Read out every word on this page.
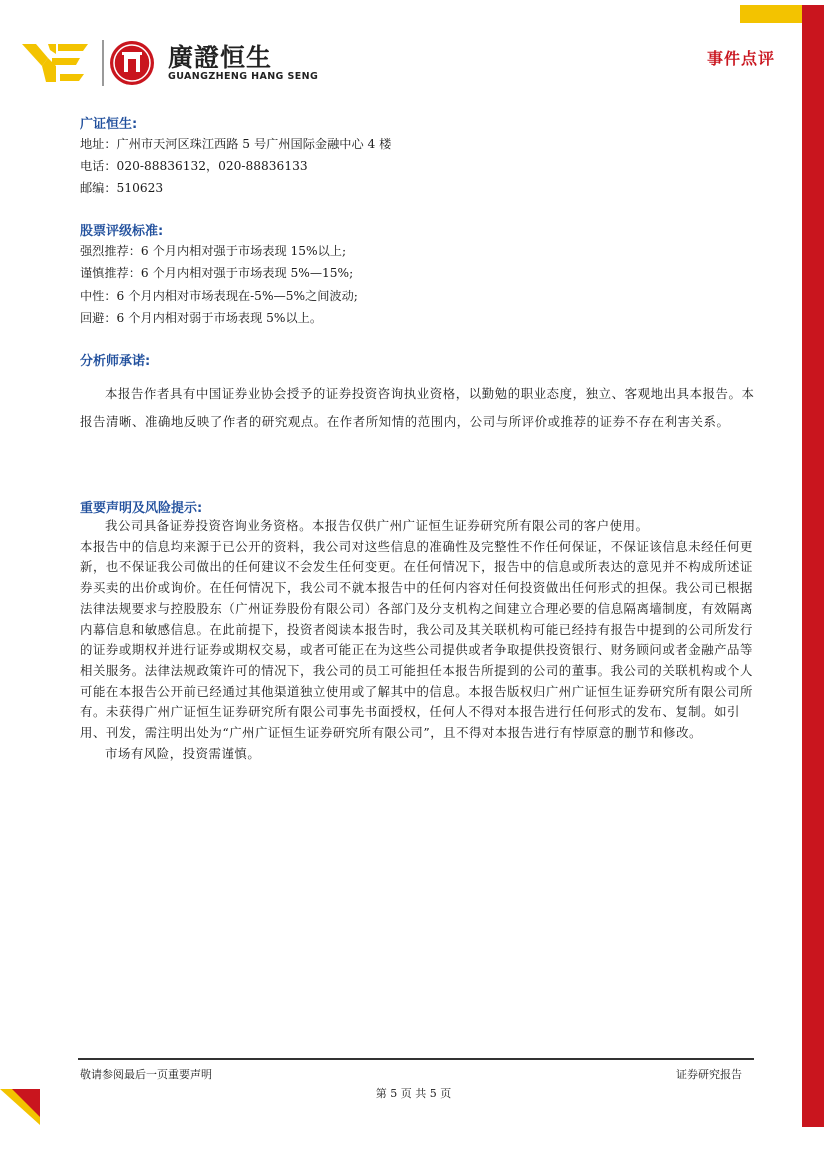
廣證恒生
GUANGZHENG HANG SENG
事件点评
广证恒生:
地址：广州市天河区珠江西路 5 号广州国际金融中心 4 楼
电话：020-88836132，020-88836133
邮编：510623
股票评级标准:
强烈推荐：6 个月内相对强于市场表现 15%以上;
谨慎推荐：6 个月内相对强于市场表现 5%—15%;
中性：6 个月内相对市场表现在-5%—5%之间波动;
回避：6 个月内相对弱于市场表现 5%以上。
分析师承诺:
本报告作者具有中国证券业协会授予的证券投资咨询执业资格，以勤勉的职业态度，独立、客观地出具本报告。本报告清晰、准确地反映了作者的研究观点。在作者所知情的范围内，公司与所评价或推荐的证券不存在利害关系。
重要声明及风险提示:

我公司具备证券投资咨询业务资格。本报告仅供广州广证恒生证券研究所有限公司的客户使用。

本报告中的信息均来源于已公开的资料，我公司对这些信息的准确性及完整性不作任何保证，不保证该信息未经任何更新，也不保证我公司做出的任何建议不会发生任何变更。在任何情况下，报告中的信息或所表达的意见并不构成所述证券买卖的出价或询价。在任何情况下，我公司不就本报告中的任何内容对任何投资做出任何形式的担保。我公司已根据法律法规要求与控股股东（广州证券股份有限公司）各部门及分支机构之间建立合理必要的信息隔离墙制度，有效隔离内幕信息和敏感信息。在此前提下，投资者阅读本报告时，我公司及其关联机构可能已经持有报告中提到的公司所发行的证券或期权并进行证券或期权交易，或者可能正在为这些公司提供或者争取提供投资银行、财务顾问或者金融产品等相关服务。法律法规政策许可的情况下，我公司的员工可能担任本报告所提到的公司的董事。我公司的关联机构或个人可能在本报告公开前已经通过其他渠道独立使用或了解其中的信息。本报告版权归广州广证恒生证券研究所有限公司所有。未获得广州广证恒生证券研究所有限公司事先书面授权，任何人不得对本报告进行任何形式的发布、复制。如引用、刊发，需注明出处为“广州广证恒生证券研究所有限公司”，且不得对本报告进行有悖原意的删节和修改。

市场有风险，投资需谨慎。

敬请参阅最后一页重要声明	证券研究报告
第 5 页 共 5 页
